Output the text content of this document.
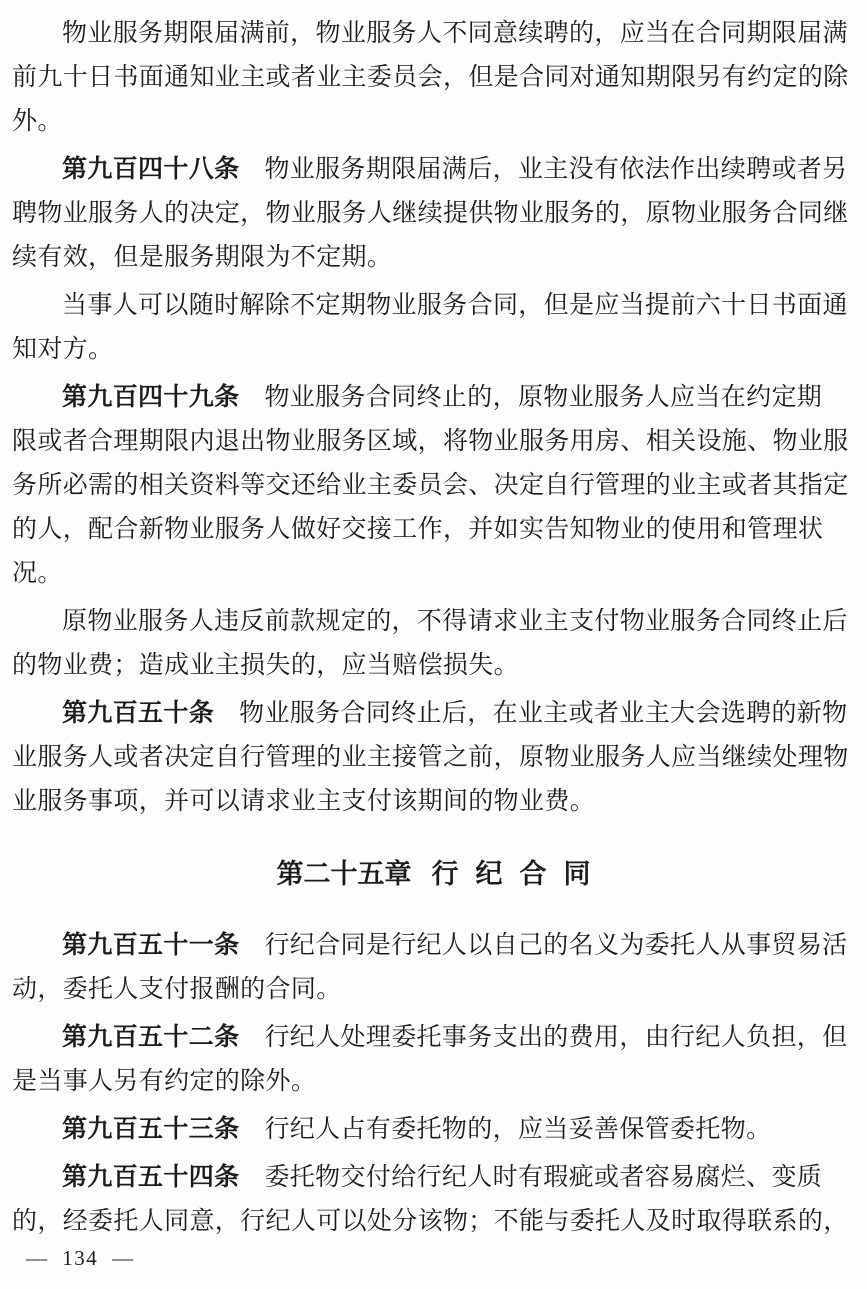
物业服务期限届满前，物业服务人不同意续聘的，应当在合同期限届满
前九十日书面通知业主或者业主委员会，但是合同对通知期限另有约定的除
外。

第九百四十八条 物业服务期限届满后，业主没有依法作出续聘或者另
聘物业服务人的决定，物业服务人继续提供物业服务的，原物业服务合同继
续有效，但是服务期限为不定期。

当事人可以随时解除不定期物业服务合同，但是应当提前六十日书面通
知对方。

第九百四十九条 物业服务合同终止的，原物业服务人应当在约定期
限或者合理期限内退出物业服务区域，将物业服务用房、相关设施、物业服
务所必需的相关资料等交还给业主委员会、决定自行管理的业主或者其指定
的人，配合新物业服务人做好交接工作，并如实告知物业的使用和管理状
况。

原物业服务人违反前款规定的，不得请求业主支付物业服务合同终止后
的物业费；造成业主损失的，应当赔偿损失。

第九百五十条 物业服务合同终止后，在业主或者业主大会选聘的新物
业服务人或者决定自行管理的业主接管之前，原物业服务人应当继续处理物
业服务事项，并可以请求业主支付该期间的物业费。

第二十五章 行纪合同

第九百五十一条 行纪合同是行纪人以自己的名义为委托人从事贸易活
动，委托人支付报酬的合同。

第九百五十二条 行纪人处理委托事务支出的费用，由行纪人负担，但
是当事人另有约定的除外。

第九百五十三条 行纪人占有委托物的，应当妥善保管委托物。

第九百五十四条 委托物交付给行纪人时有瑕疵或者容易腐烂、变质
的，经委托人同意，行纪人可以处分该物；不能与委托人及时取得联系的，

— 134 —
